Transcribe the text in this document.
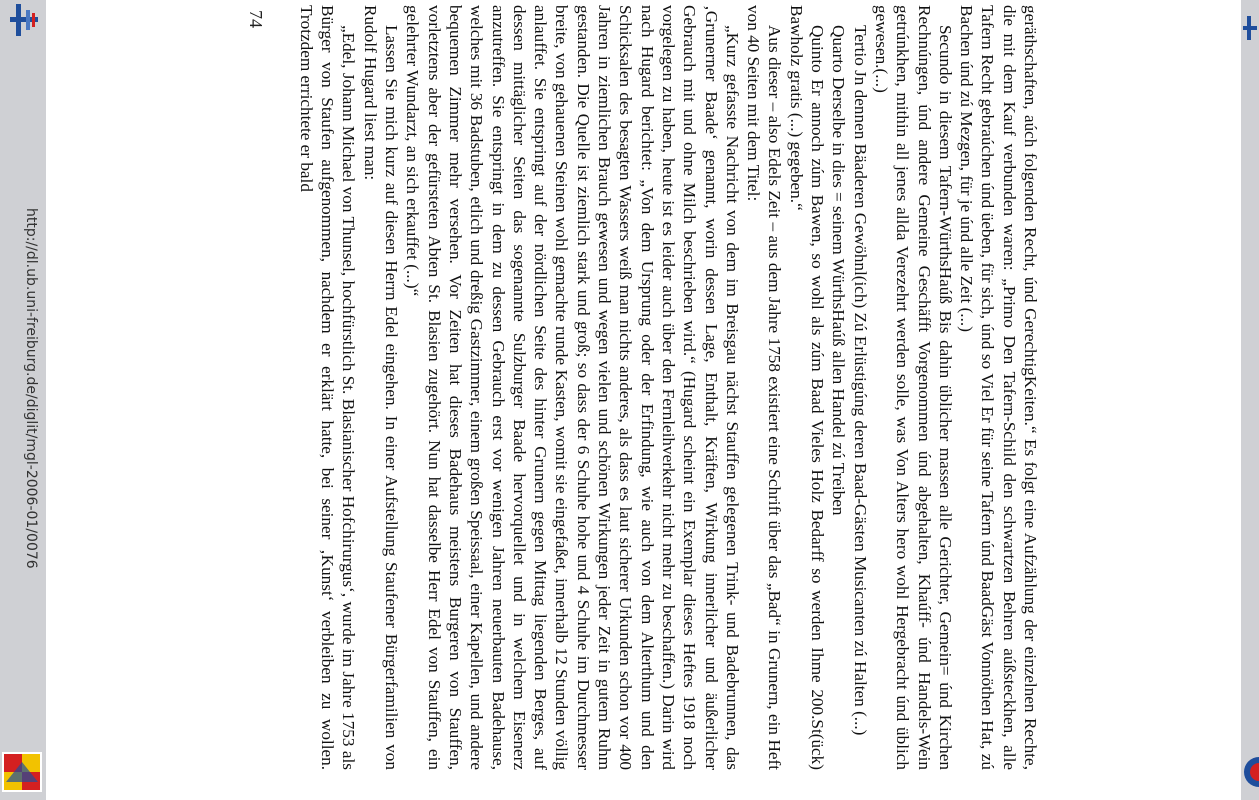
http://dl.ub.uni-freiburg.de/diglit/mgl-2006-01/0076	geräthschaften, aúch folgenden Recht, únd GerechtigKeiten.“ Es folgt eine Aufzählung der einzelnen Rechte, die mit dem Kauf verbunden waren: „Primo Den Tafern-Schild den schwartzen Behren aúßsteckhen, alle Tafern Recht gebraúchen únd üeben, für sich, únd so Viel Er für seine Tafern únd BaadGäst Vonnöthen Hat, zú Bachen únd zú Mezgen, für je únd alle Zeit (...)

Secundo in diesem Tafern-WürthsHaúß Bis dahin üblicher massen alle Gerichter, Gemein= únd Kirchen Rechnúngen, únd andere Gemeine Geschäfft Vorgenommen únd abgehalten, Khaúff- únd Handels-Wein getrúnkhen, mithin all jenes allda Verezehrt werden solle, was Von Alters hero wohl Hergebracht únd üblich gewesen.(...)

Tertio Jn dennen Bäaderen Gewöhnl(ich) Zú Erlüstigúng deren Baad-Gästen Musicanten zú Halten (...)

Quarto Derselbe in dies = seinem WürthsHaúß allen Handel zú Treiben

Quinto Er annoch zúm Bawen, so wohl als zúm Baad Vieles Holz Bedarff so werden Ihme 200.St(ück) Bawholz gratis (...) gegeben.“

Aus dieser – also Edels Zeit – aus dem Jahre 1758 existiert eine Schrift über das „Bad“ in Grunern, ein Heft von 40 Seiten mit dem Titel:

„Kurz gefasste Nachricht von dem im Breisgau nächst Stauffen gelegenen Trink- und Badebrunnen, das ‚Grunerner Baade‘ genannt, worin dessen Lage, Enthalt, Kräften, Wirkung innerlicher und äußerlicher Gebrauch mit und ohne Milch beschrieben wird.“ (Hugard scheint ein Exemplar dieses Heftes 1918 noch vorgelegen zu haben, heute ist es leider auch über den Fernleihverkehr nicht mehr zu beschaffen.) Darin wird nach Hugard berichtet: „Von dem Ursprung oder der Erfindung, wie auch von dem Alterthum und den Schicksalen des besagten Wassers weiß man nichts anderes, als dass es laut sicherer Urkunden schon vor 400 Jahren in ziemlichen Brauch gewesen und wegen vielen und schönen Wirkungen jeder Zeit in gutem Ruhm gestanden. Die Quelle ist ziemlich stark und groß; so dass der 6 Schuhe hohe und 4 Schuhe im Durchmesser breite, von gehauenen Steinen wohl gemachte runde Kasten, womit sie eingefaßet, innerhalb 12 Stunden völlig anlauffet. Sie entspringt auf der nördlichen Seite des hinter Grunern gegen Mittag liegenden Berges, auf dessen mittäglicher Seiten das sogenannte Sulzburger Baade hervorquellet und in welchem Eisenerz anzutreffen. Sie entspringt in dem zu dessen Gebrauch erst vor wenigen Jahren neuerbauten Badehause, welches mit 36 Badstuben, etlich und dreßig Gastzimmer, einem großen Speissaal, einer Kapellen, und andere bequemen Zimmer mehr versehen. Vor Zeiten hat dieses Badehaus meistens Burgeren von Stauffen, vorletztens aber der gefürsteten Abten St. Blasien zugehört. Nun hat dasselbe Herr Edel von Stauffen, ein gelehrter Wundarzt, an sich erkauffet (...)“

Lassen Sie mich kurz auf diesen Herrn Edel eingehen. In einer Aufstellung Staufener Bürgerfamilien von Rudolf Hugard liest man:

„Edel, Johann Michael von Thunsel, hochfürstlich St. Blasianischer Hofchirurgus‘, wurde im Jahre 1753 als Bürger von Staufen aufgenommen, nachdem er erklärt hatte, bei seiner ‚Kunst‘ verbleiben zu wollen. Trotzdem errichtete er bald

74
